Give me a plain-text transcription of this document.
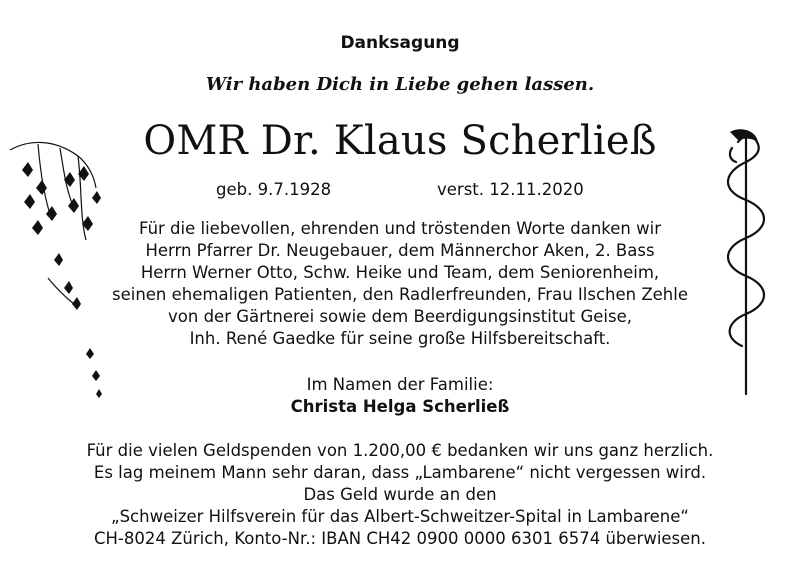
Danksagung
Wir haben Dich in Liebe gehen lassen.
OMR Dr. Klaus Scherließ
geb. 9.7.1928	verst. 12.11.2020
Für die liebevollen, ehrenden und tröstenden Worte danken wir
Herrn Pfarrer Dr. Neugebauer, dem Männerchor Aken, 2. Bass
Herrn Werner Otto, Schw. Heike und Team, dem Seniorenheim,
seinen ehemaligen Patienten, den Radlerfreunden, Frau Ilschen Zehle
von der Gärtnerei sowie dem Beerdigungsinstitut Geise,
Inh. René Gaedke für seine große Hilfsbereitschaft.
Im Namen der Familie:
Christa Helga Scherließ
Für die vielen Geldspenden von 1.200,00 € bedanken wir uns ganz herzlich.
Es lag meinem Mann sehr daran, dass „Lambarene“ nicht vergessen wird.
Das Geld wurde an den
„Schweizer Hilfsverein für das Albert-Schweitzer-Spital in Lambarene“
CH-8024 Zürich, Konto-Nr.: IBAN CH42 0900 0000 6301 6574 überwiesen.
